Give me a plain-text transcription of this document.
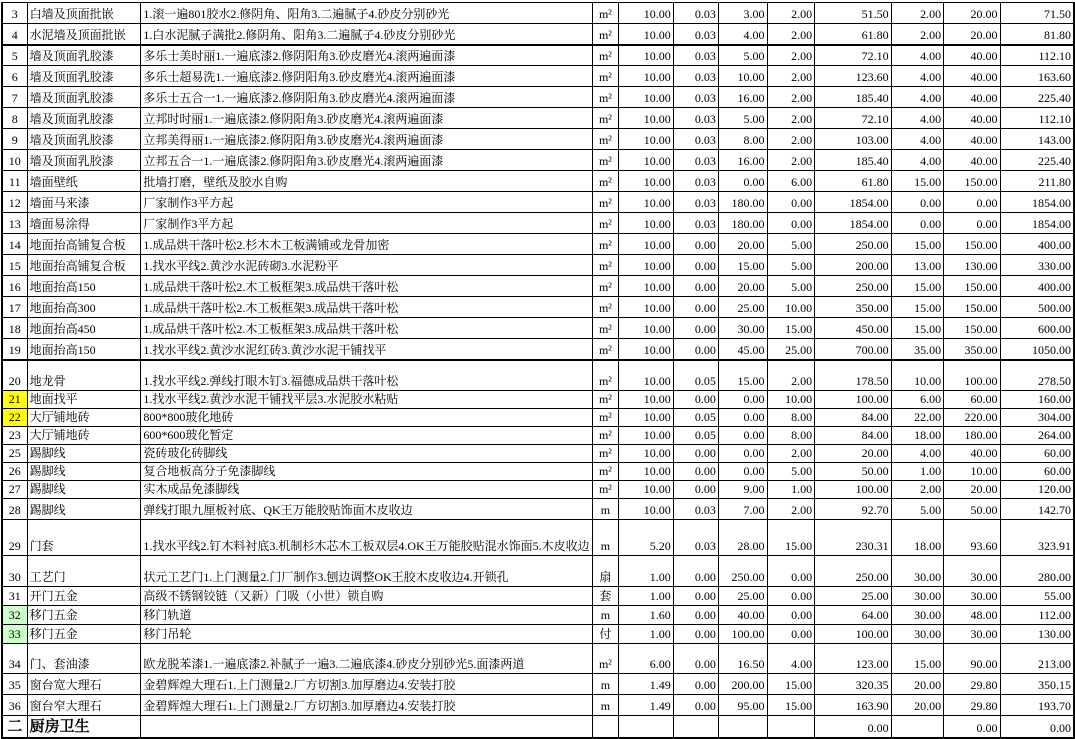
3	白墙及顶面批嵌	1.滚一遍801胶水2.修阴角、阳角3.二遍腻子4.砂皮分别砂光	m²	10.00	0.03	3.00	2.00	51.50	2.00	20.00	71.50
4	水泥墙及顶面批嵌	1.白水泥腻子满批2.修阴角、阳角3.二遍腻子4.砂皮分别砂光	m²	10.00	0.03	4.00	2.00	61.80	2.00	20.00	81.80
5	墙及顶面乳胶漆	多乐士美时丽1.一遍底漆2.修阴阳角3.砂皮磨光4.滚两遍面漆	m²	10.00	0.03	5.00	2.00	72.10	4.00	40.00	112.10
6	墙及顶面乳胶漆	多乐士超易洗1.一遍底漆2.修阴阳角3.砂皮磨光4.滚两遍面漆	m²	10.00	0.03	10.00	2.00	123.60	4.00	40.00	163.60
7	墙及顶面乳胶漆	多乐士五合一1.一遍底漆2.修阴阳角3.砂皮磨光4.滚两遍面漆	m²	10.00	0.03	16.00	2.00	185.40	4.00	40.00	225.40
8	墙及顶面乳胶漆	立邦时时丽1.一遍底漆2.修阴阳角3.砂皮磨光4.滚两遍面漆	m²	10.00	0.03	5.00	2.00	72.10	4.00	40.00	112.10
9	墙及顶面乳胶漆	立邦美得丽1.一遍底漆2.修阴阳角3.砂皮磨光4.滚两遍面漆	m²	10.00	0.03	8.00	2.00	103.00	4.00	40.00	143.00
10	墙及顶面乳胶漆	立邦五合一1.一遍底漆2.修阴阳角3.砂皮磨光4.滚两遍面漆	m²	10.00	0.03	16.00	2.00	185.40	4.00	40.00	225.40
11	墙面壁纸	批墙打磨，壁纸及胶水自购	m²	10.00	0.03	0.00	6.00	61.80	15.00	150.00	211.80
12	墙面马来漆	厂家制作3平方起	m²	10.00	0.03	180.00	0.00	1854.00	0.00	0.00	1854.00
13	墙面易涂得	厂家制作3平方起	m²	10.00	0.03	180.00	0.00	1854.00	0.00	0.00	1854.00
14	地面抬高铺复合板	1.成品烘干落叶松2.杉木木工板满铺或龙骨加密	m²	10.00	0.00	20.00	5.00	250.00	15.00	150.00	400.00
15	地面抬高铺复合板	1.找水平线2.黄沙水泥砖砌3.水泥粉平	m²	10.00	0.00	15.00	5.00	200.00	13.00	130.00	330.00
16	地面抬高150	1.成品烘干落叶松2.木工板框架3.成品烘干落叶松	m²	10.00	0.00	20.00	5.00	250.00	15.00	150.00	400.00
17	地面抬高300	1.成品烘干落叶松2.木工板框架3.成品烘干落叶松	m²	10.00	0.00	25.00	10.00	350.00	15.00	150.00	500.00
18	地面抬高450	1.成品烘干落叶松2.木工板框架3.成品烘干落叶松	m²	10.00	0.00	30.00	15.00	450.00	15.00	150.00	600.00
19	地面抬高150	1.找水平线2.黄沙水泥红砖3.黄沙水泥干铺找平	m²	10.00	0.00	45.00	25.00	700.00	35.00	350.00	1050.00
20	地龙骨	1.找水平线2.弹线打眼木钉3.福德成品烘干落叶松	m²	10.00	0.05	15.00	2.00	178.50	10.00	100.00	278.50
21	地面找平	1.找水平线2.黄沙水泥干铺找平层3.水泥胶水粘贴	m²	10.00	0.00	0.00	10.00	100.00	6.00	60.00	160.00
22	大厅铺地砖	800*800玻化地砖	m²	10.00	0.05	0.00	8.00	84.00	22.00	220.00	304.00
23	大厅铺地砖	600*600玻化暂定	m²	10.00	0.05	0.00	8.00	84.00	18.00	180.00	264.00
25	踢脚线	瓷砖玻化砖脚线	m²	10.00	0.00	0.00	2.00	20.00	4.00	40.00	60.00
26	踢脚线	复合地板高分子免漆脚线	m²	10.00	0.00	0.00	5.00	50.00	1.00	10.00	60.00
27	踢脚线	实木成品免漆脚线	m²	10.00	0.00	9.00	1.00	100.00	2.00	20.00	120.00
28	踢脚线	弹线打眼九厘板衬底、QK王万能胶贴饰面木皮收边	m	10.00	0.03	7.00	2.00	92.70	5.00	50.00	142.70
29	门套	1.找水平线2.钉木料衬底3.机制杉木芯木工板双层4.OK王万能胶贴混水饰面5.木皮收边	m	5.20	0.03	28.00	15.00	230.31	18.00	93.60	323.91
30	工艺门	状元工艺门1.上门测量2.门厂制作3.刨边调整OK王胶木皮收边4.开锁孔	扇	1.00	0.00	250.00	0.00	250.00	30.00	30.00	280.00
31	开门五金	高级不锈钢铰链（又新）门吸（小世）锁自购	套	1.00	0.00	25.00	0.00	25.00	30.00	30.00	55.00
32	移门五金	移门轨道	m	1.60	0.00	40.00	0.00	64.00	30.00	48.00	112.00
33	移门五金	移门吊轮	付	1.00	0.00	100.00	0.00	100.00	30.00	30.00	130.00
34	门、套油漆	欧龙脱苯漆1.一遍底漆2.补腻子一遍3.二遍底漆4.砂皮分别砂光5.面漆两道	m²	6.00	0.00	16.50	4.00	123.00	15.00	90.00	213.00
35	窗台宽大理石	金碧辉煌大理石1.上门测量2.厂方切割3.加厚磨边4.安装打胶	m	1.49	0.00	200.00	15.00	320.35	20.00	29.80	350.15
36	窗台窄大理石	金碧辉煌大理石1.上门测量2.厂方切割3.加厚磨边4.安装打胶	m	1.49	0.00	95.00	15.00	163.90	20.00	29.80	193.70
二	厨房卫生							0.00		0.00	0.00
